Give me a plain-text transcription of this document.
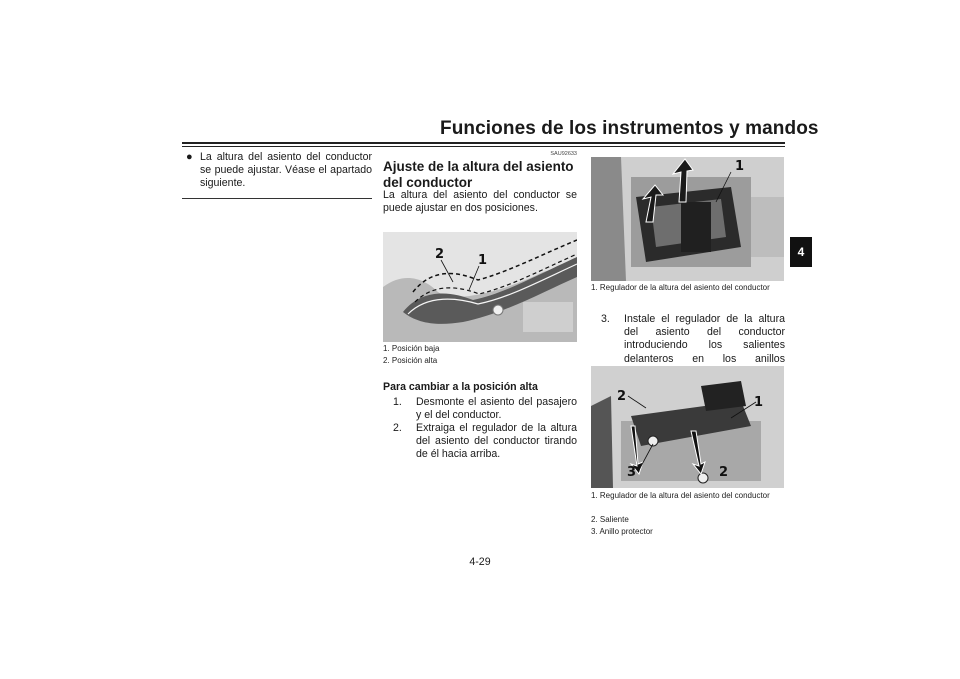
Funciones de los instrumentos y mandos
4
● La altura del asiento del conductor se puede ajustar. Véase el apartado siguiente.
SAU92633
Ajuste de la altura del asiento del conductor
La altura del asiento del conductor se puede ajustar en dos posiciones.
2	1
1. Posición baja
2. Posición alta
Para cambiar a la posición alta
1. Desmonte el asiento del pasajero y el del conductor.
2. Extraiga el regulador de la altura del asiento del conductor tirando de él hacia arriba.
1
1. Regulador de la altura del asiento del conductor
3. Instale el regulador de la altura del asiento del conductor introduciendo los salientes delanteros en los anillos
2	1
3	2
1. Regulador de la altura del asiento del conductor
2. Saliente
3. Anillo protector
4-29
